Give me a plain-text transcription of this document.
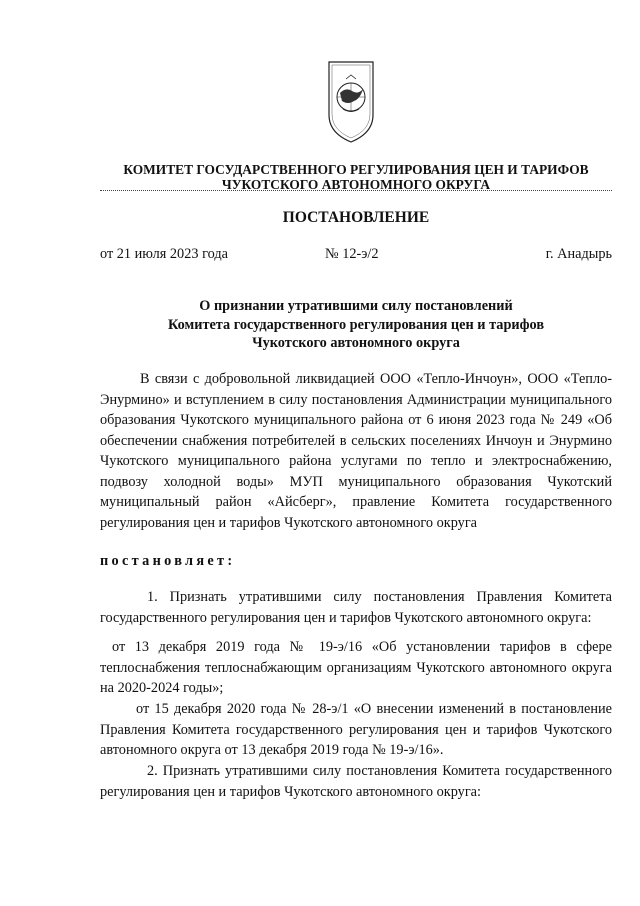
КОМИТЕТ ГОСУДАРСТВЕННОГО РЕГУЛИРОВАНИЯ ЦЕН И ТАРИФОВ
ЧУКОТСКОГО АВТОНОМНОГО ОКРУГА
ПОСТАНОВЛЕНИЕ
от 21 июля 2023 года	№ 12-э/2	г. Анадырь
О признании утратившими силу постановлений
Комитета государственного регулирования цен и тарифов
Чукотского автономного округа
В связи с добровольной ликвидацией ООО «Тепло-Инчоун», ООО «Тепло-Энурмино» и вступлением в силу постановления Администрации муниципального образования Чукотского муниципального района от 6 июня 2023 года № 249 «Об обеспечении снабжения потребителей в сельских поселениях Инчоун и Энурмино Чукотского муниципального района услугами по тепло и электроснабжению, подвозу холодной воды» МУП муниципального образования Чукотский муниципальный район «Айсберг», правление Комитета государственного регулирования цен и тарифов Чукотского автономного округа
постановляет:
1. Признать утратившими силу постановления Правления Комитета государственного регулирования цен и тарифов Чукотского автономного округа:
от 13 декабря 2019 года № 19-э/16 «Об установлении тарифов в сфере теплоснабжения теплоснабжающим организациям Чукотского автономного округа на 2020-2024 годы»;
от 15 декабря 2020 года № 28-э/1 «О внесении изменений в постановление Правления Комитета государственного регулирования цен и тарифов Чукотского автономного округа от 13 декабря 2019 года № 19-э/16».
2. Признать утратившими силу постановления Комитета государственного регулирования цен и тарифов Чукотского автономного округа:
